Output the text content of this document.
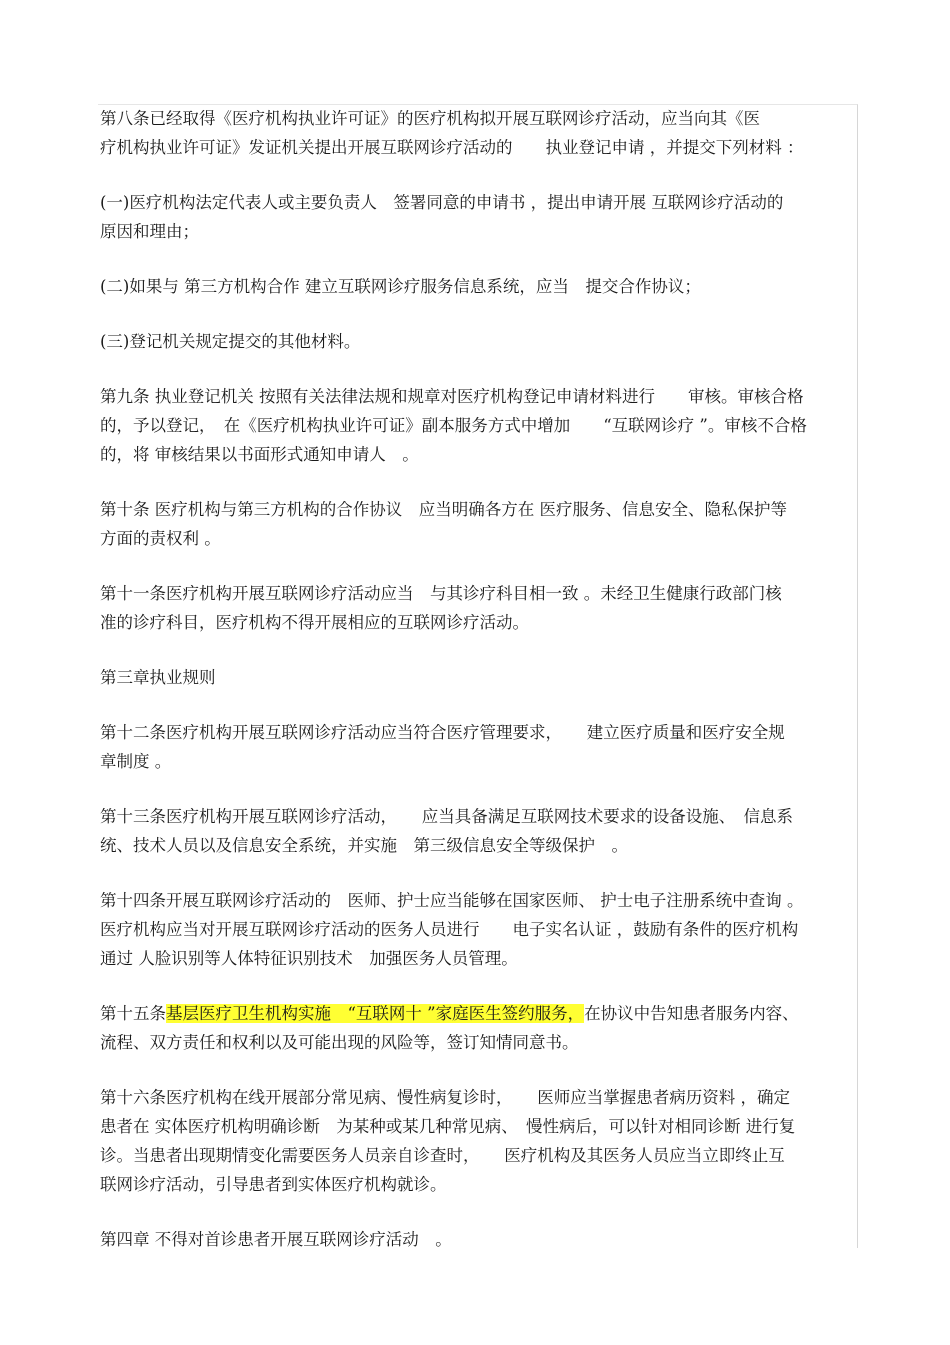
第八条已经取得《医疗机构执业许可证》的医疗机构拟开展互联网诊疗活动，应当向其《医
疗机构执业许可证》发证机关提出开展互联网诊疗活动的　　执业登记申请 ，并提交下列材料 ：

(一)医疗机构法定代表人或主要负责人　签署同意的申请书 ，提出申请开展 互联网诊疗活动的
原因和理由；

(二)如果与 第三方机构合作 建立互联网诊疗服务信息系统，应当　提交合作协议；

(三)登记机关规定提交的其他材料。

第九条 执业登记机关 按照有关法律法规和规章对医疗机构登记申请材料进行　　审核。审核合格
的，予以登记，　在《医疗机构执业许可证》副本服务方式中增加　　“互联网诊疗 ”。审核不合格
的，将 审核结果以书面形式通知申请人　。

第十条 医疗机构与第三方机构的合作协议　应当明确各方在 医疗服务、信息安全、隐私保护等
方面的责权利 。

第十一条医疗机构开展互联网诊疗活动应当　与其诊疗科目相一致 。未经卫生健康行政部门核
准的诊疗科目，医疗机构不得开展相应的互联网诊疗活动。

第三章执业规则

第十二条医疗机构开展互联网诊疗活动应当符合医疗管理要求，　　建立医疗质量和医疗安全规
章制度 。

第十三条医疗机构开展互联网诊疗活动，　　应当具备满足互联网技术要求的设备设施、　信息系
统、技术人员以及信息安全系统，并实施　第三级信息安全等级保护　。

第十四条开展互联网诊疗活动的　医师、护士应当能够在国家医师、 护士电子注册系统中查询 。
医疗机构应当对开展互联网诊疗活动的医务人员进行　　电子实名认证 ，鼓励有条件的医疗机构
通过 人脸识别等人体特征识别技术　加强医务人员管理。

第十五条基层医疗卫生机构实施　“互联网十 ”家庭医生签约服务，在协议中告知患者服务内容、
流程、双方责任和权利以及可能出现的风险等，签订知情同意书。

第十六条医疗机构在线开展部分常见病、慢性病复诊时，　　医师应当掌握患者病历资料 ，确定
患者在 实体医疗机构明确诊断　为某种或某几种常见病、　慢性病后，可以针对相同诊断 进行复
诊。当患者出现期情变化需要医务人员亲自诊查时，　　医疗机构及其医务人员应当立即终止互
联网诊疗活动，引导患者到实体医疗机构就诊。

第四章 不得对首诊患者开展互联网诊疗活动　。
